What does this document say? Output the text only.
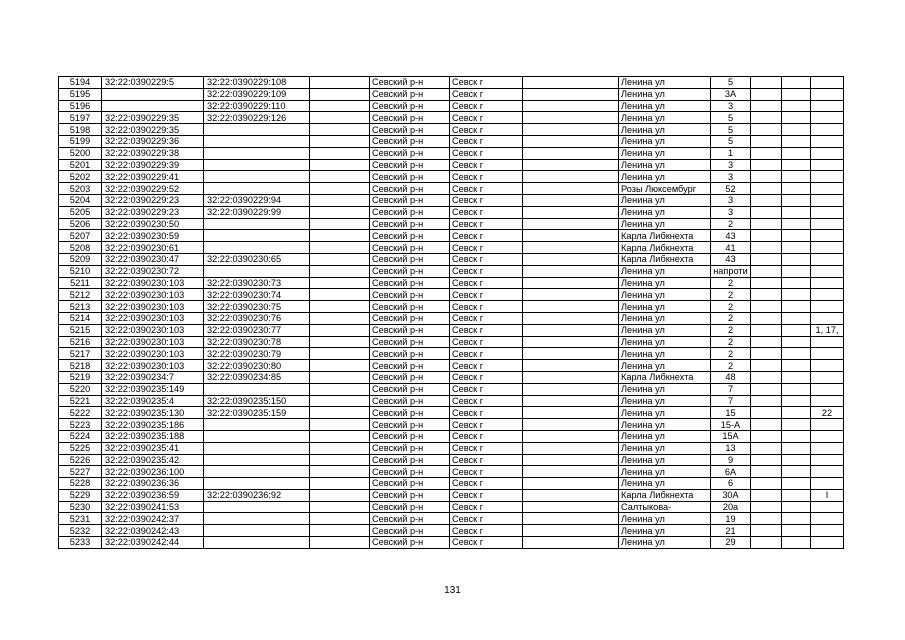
5194	32:22:0390229:5	32:22:0390229:108		Севский р-н	Севск г		Ленина ул	5			
5195		32:22:0390229:109		Севский р-н	Севск г		Ленина ул	3А			
5196		32:22:0390229:110		Севский р-н	Севск г		Ленина ул	3			
5197	32:22:0390229:35	32:22:0390229:126		Севский р-н	Севск г		Ленина ул	5			
5198	32:22:0390229:35			Севский р-н	Севск г		Ленина ул	5			
5199	32:22:0390229:36			Севский р-н	Севск г		Ленина ул	5			
5200	32:22:0390229:38			Севский р-н	Севск г		Ленина ул	1			
5201	32:22:0390229:39			Севский р-н	Севск г		Ленина ул	3			
5202	32:22:0390229:41			Севский р-н	Севск г		Ленина ул	3			
5203	32:22:0390229:52			Севский р-н	Севск г		Розы Люксембург	52			
5204	32:22:0390229:23	32:22:0390229:94		Севский р-н	Севск г		Ленина ул	3			
5205	32:22:0390229:23	32:22:0390229:99		Севский р-н	Севск г		Ленина ул	3			
5206	32:22:0390230:50			Севский р-н	Севск г		Ленина ул	2			
5207	32:22:0390230:59			Севский р-н	Севск г		Карла Либкнехта	43			
5208	32:22:0390230:61			Севский р-н	Севск г		Карла Либкнехта	41			
5209	32:22:0390230:47	32:22:0390230:65		Севский р-н	Севск г		Карла Либкнехта	43			
5210	32:22:0390230:72			Севский р-н	Севск г		Ленина ул	напроти			
5211	32:22:0390230:103	32:22:0390230:73		Севский р-н	Севск г		Ленина ул	2			
5212	32:22:0390230:103	32:22:0390230:74		Севский р-н	Севск г		Ленина ул	2			
5213	32:22:0390230:103	32:22:0390230:75		Севский р-н	Севск г		Ленина ул	2			
5214	32:22:0390230:103	32:22:0390230:76		Севский р-н	Севск г		Ленина ул	2			
5215	32:22:0390230:103	32:22:0390230:77		Севский р-н	Севск г		Ленина ул	2			1, 17,
5216	32:22:0390230:103	32:22:0390230:78		Севский р-н	Севск г		Ленина ул	2			
5217	32:22:0390230:103	32:22:0390230:79		Севский р-н	Севск г		Ленина ул	2			
5218	32:22:0390230:103	32:22:0390230:80		Севский р-н	Севск г		Ленина ул	2			
5219	32:22:0390234:7	32:22:0390234:85		Севский р-н	Севск г		Карла Либкнехта	48			
5220	32:22:0390235:149			Севский р-н	Севск г		Ленина ул	7			
5221	32:22:0390235:4	32:22:0390235:150		Севский р-н	Севск г		Ленина ул	7			
5222	32:22:0390235:130	32:22:0390235:159		Севский р-н	Севск г		Ленина ул	15			22
5223	32:22:0390235:186			Севский р-н	Севск г		Ленина ул	15-А			
5224	32:22:0390235:188			Севский р-н	Севск г		Ленина ул	15А			
5225	32:22:0390235:41			Севский р-н	Севск г		Ленина ул	13			
5226	32:22:0390235:42			Севский р-н	Севск г		Ленина ул	9			
5227	32:22:0390236:100			Севский р-н	Севск г		Ленина ул	6А			
5228	32:22:0390236:36			Севский р-н	Севск г		Ленина ул	6			
5229	32:22:0390236:59	32:22:0390236:92		Севский р-н	Севск г		Карла Либкнехта	30А			I
5230	32:22:0390241:53			Севский р-н	Севск г		Салтыкова-	20а			
5231	32:22:0390242:37			Севский р-н	Севск г		Ленина ул	19			
5232	32:22:0390242:43			Севский р-н	Севск г		Ленина ул	21			
5233	32:22:0390242:44			Севский р-н	Севск г		Ленина ул	29			
131
